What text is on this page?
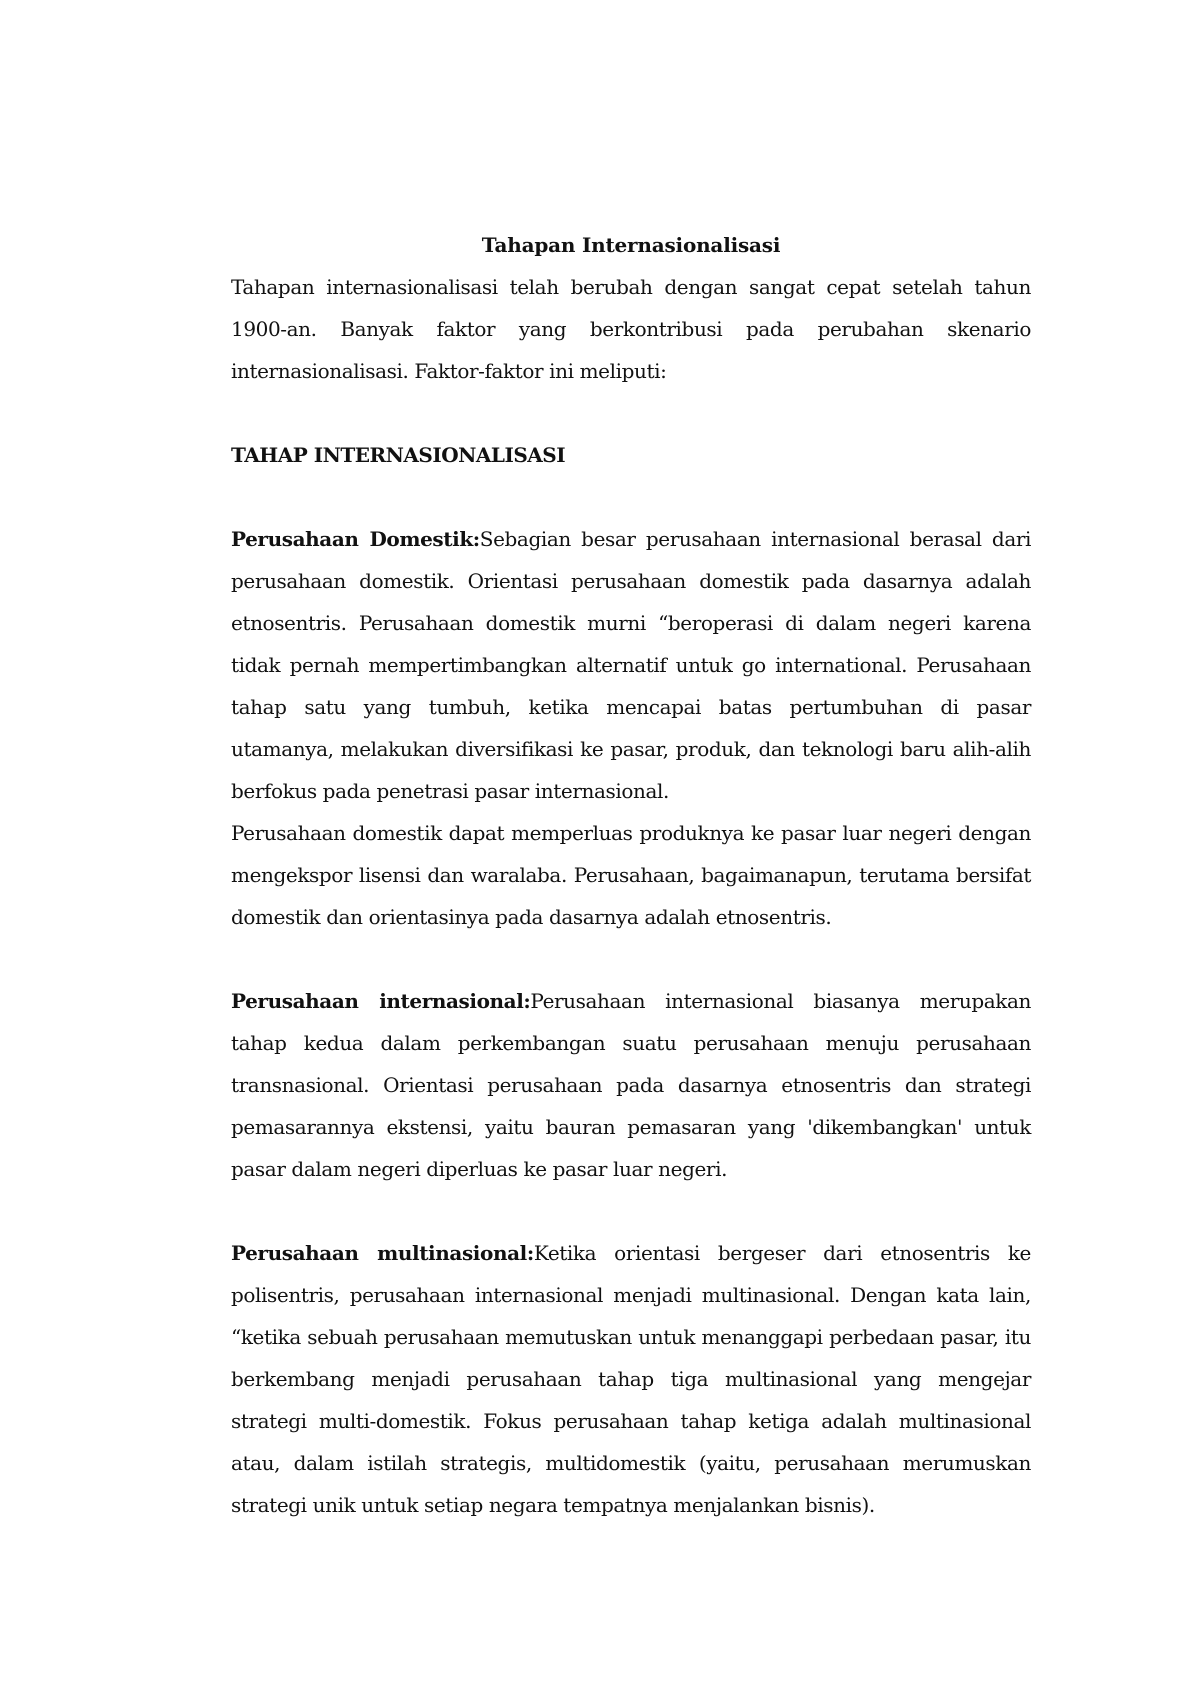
Tahapan Internasionalisasi

Tahapan internasionalisasi telah berubah dengan sangat cepat setelah tahun 1900-an. Banyak faktor yang berkontribusi pada perubahan skenario internasionalisasi. Faktor-faktor ini meliputi:

TAHAP INTERNASIONALISASI

Perusahaan Domestik:Sebagian besar perusahaan internasional berasal dari perusahaan domestik. Orientasi perusahaan domestik pada dasarnya adalah etnosentris. Perusahaan domestik murni “beroperasi di dalam negeri karena tidak pernah mempertimbangkan alternatif untuk go international. Perusahaan tahap satu yang tumbuh, ketika mencapai batas pertumbuhan di pasar utamanya, melakukan diversifikasi ke pasar, produk, dan teknologi baru alih-alih berfokus pada penetrasi pasar internasional.

Perusahaan domestik dapat memperluas produknya ke pasar luar negeri dengan mengekspor lisensi dan waralaba. Perusahaan, bagaimanapun, terutama bersifat domestik dan orientasinya pada dasarnya adalah etnosentris.

Perusahaan internasional:Perusahaan internasional biasanya merupakan tahap kedua dalam perkembangan suatu perusahaan menuju perusahaan transnasional. Orientasi perusahaan pada dasarnya etnosentris dan strategi pemasarannya ekstensi, yaitu bauran pemasaran yang 'dikembangkan' untuk pasar dalam negeri diperluas ke pasar luar negeri.

Perusahaan multinasional:Ketika orientasi bergeser dari etnosentris ke polisentris, perusahaan internasional menjadi multinasional. Dengan kata lain, “ketika sebuah perusahaan memutuskan untuk menanggapi perbedaan pasar, itu berkembang menjadi perusahaan tahap tiga multinasional yang mengejar strategi multi-domestik. Fokus perusahaan tahap ketiga adalah multinasional atau, dalam istilah strategis, multidomestik (yaitu, perusahaan merumuskan strategi unik untuk setiap negara tempatnya menjalankan bisnis).
